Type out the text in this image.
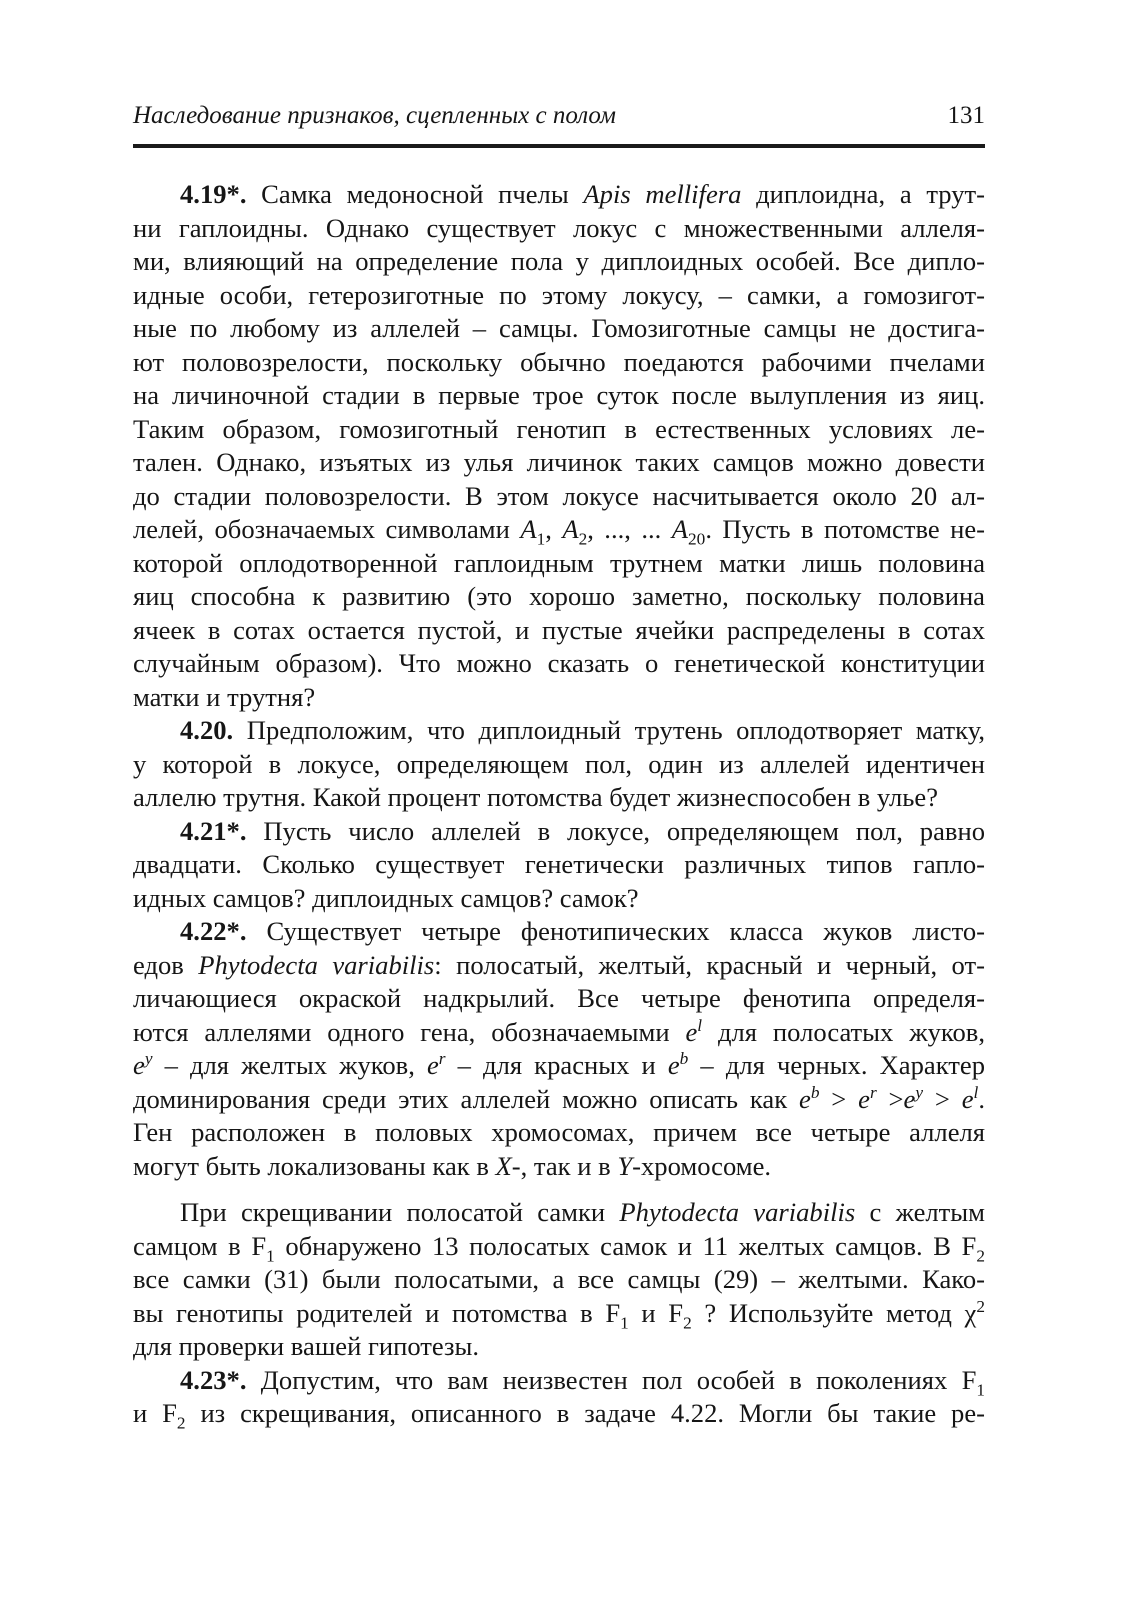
Наследование признаков, сцепленных с полом	131
4.19*. Самка медоносной пчелы Apis mellifera диплоидна, а трут-
ни гаплоидны. Однако существует локус с множественными аллеля-
ми, влияющий на определение пола у диплоидных особей. Все дипло-
идные особи, гетерозиготные по этому локусу, – самки, а гомозигот-
ные по любому из аллелей – самцы. Гомозиготные самцы не достига-
ют половозрелости, поскольку обычно поедаются рабочими пчелами
на личиночной стадии в первые трое суток после вылупления из яиц.
Таким образом, гомозиготный генотип в естественных условиях ле-
тален. Однако, изъятых из улья личинок таких самцов можно довести
до стадии половозрелости. В этом локусе насчитывается около 20 ал-
лелей, обозначаемых символами $A_1$, $A_2$, ..., ... $A_{20}$. Пусть в потомстве не-
которой оплодотворенной гаплоидным трутнем матки лишь половина
яиц способна к развитию (это хорошо заметно, поскольку половина
ячеек в сотах остается пустой, и пустые ячейки распределены в сотах
случайным образом). Что можно сказать о генетической конституции
матки и трутня?
4.20. Предположим, что диплоидный трутень оплодотворяет матку,
у которой в локусе, определяющем пол, один из аллелей идентичен
аллелю трутня. Какой процент потомства будет жизнеспособен в улье?
4.21*. Пусть число аллелей в локусе, определяющем пол, равно
двадцати. Сколько существует генетически различных типов гапло-
идных самцов? диплоидных самцов? самок?
4.22*. Существует четыре фенотипических класса жуков листо-
едов Phytodecta variabilis: полосатый, желтый, красный и черный, от-
личающиеся окраской надкрылий. Все четыре фенотипа определя-
ются аллелями одного гена, обозначаемыми $e^l$ для полосатых жуков,
$e^y$ – для желтых жуков, $e^r$ – для красных и $e^b$ – для черных. Характер
доминирования среди этих аллелей можно описать как $e^b > e^r >e^y > e^l$.
Ген расположен в половых хромосомах, причем все четыре аллеля
могут быть локализованы как в X-, так и в Y-хромосоме.
При скрещивании полосатой самки Phytodecta variabilis с желтым
самцом в $F_1$ обнаружено 13 полосатых самок и 11 желтых самцов. В $F_2$
все самки (31) были полосатыми, а все самцы (29) – желтыми. Како-
вы генотипы родителей и потомства в $F_1$ и $F_2$ ? Используйте метод $\chi^2$
для проверки вашей гипотезы.
4.23*. Допустим, что вам неизвестен пол особей в поколениях $F_1$
и $F_2$ из скрещивания, описанного в задаче 4.22. Могли бы такие ре-
